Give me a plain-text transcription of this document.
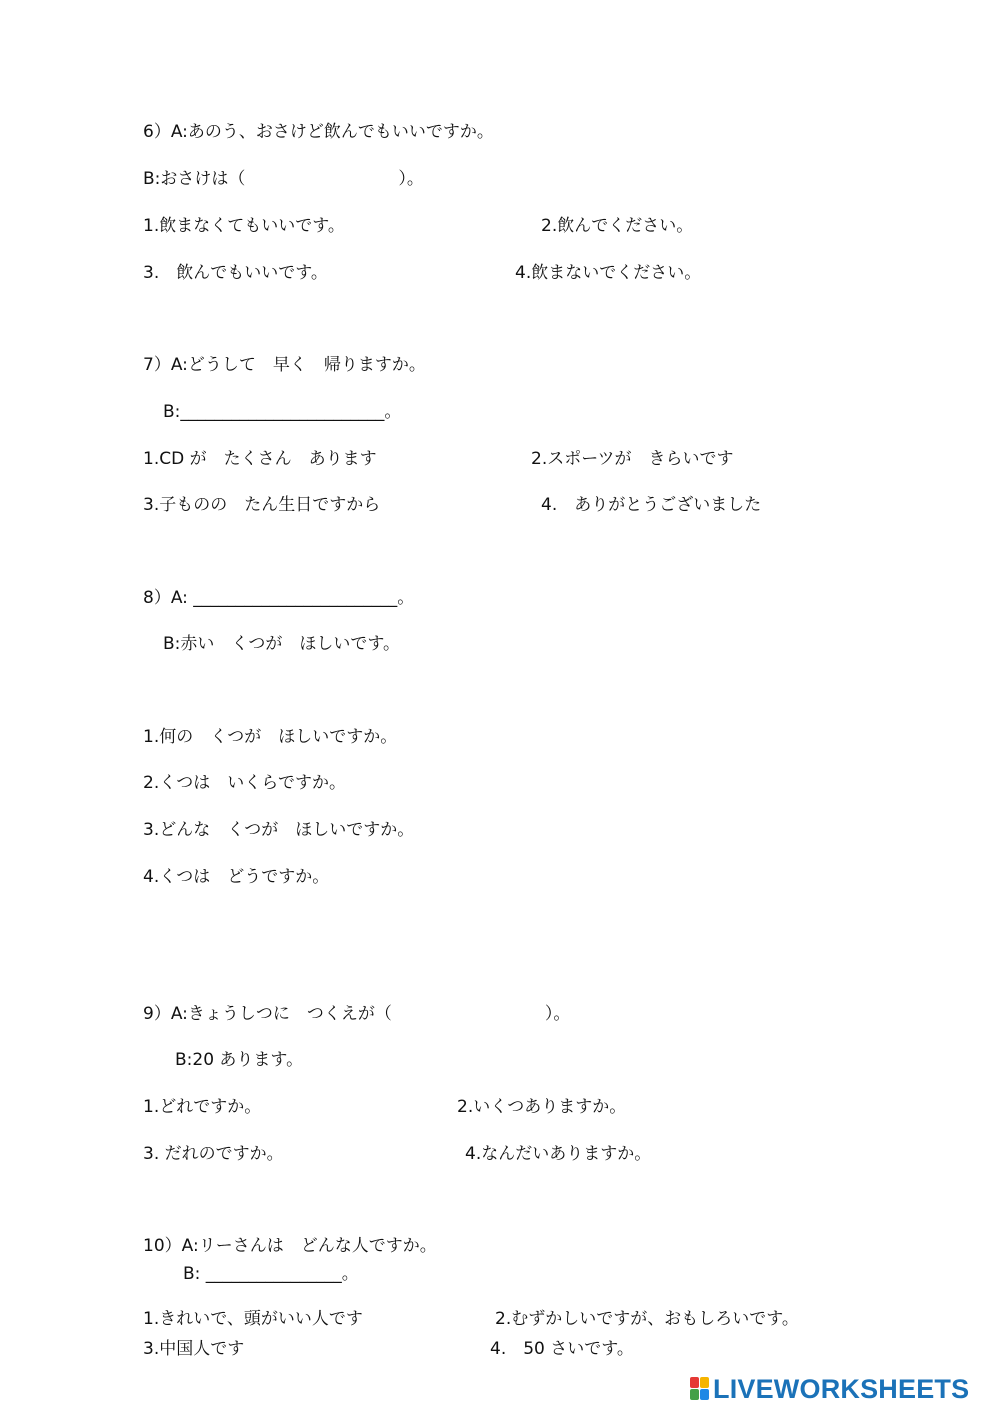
6）A:あのう、おさけど飲んでもいいですか。
B:おさけは（　　　　　　　　　）。
1.飲まなくてもいいです。	2.飲んでください。
3.　飲んでもいいです。	4.飲まないでください。
7）A:どうして　早く　帰りますか。
B:________________________。
1.CD が　たくさん　あります	2.スポーツが　きらいです
3.子ものの　たん生日ですから	4.　ありがとうございました
8）A: ________________________。
B:赤い　くつが　ほしいです。
1.何の　くつが　ほしいですか。
2.くつは　いくらですか。
3.どんな　くつが　ほしいですか。
4.くつは　どうですか。
9）A:きょうしつに　つくえが（　　　　　　　　　）。
B:20 あります。
1.どれですか。	2.いくつありますか。
3. だれのですか。	4.なんだいありますか。
10）A:リーさんは　どんな人ですか。
B: ________________。
1.きれいで、頭がいい人です	2.むずかしいですが、おもしろいです。
3.中国人です	4.　50 さいです。
LIVEWORKSHEETS
